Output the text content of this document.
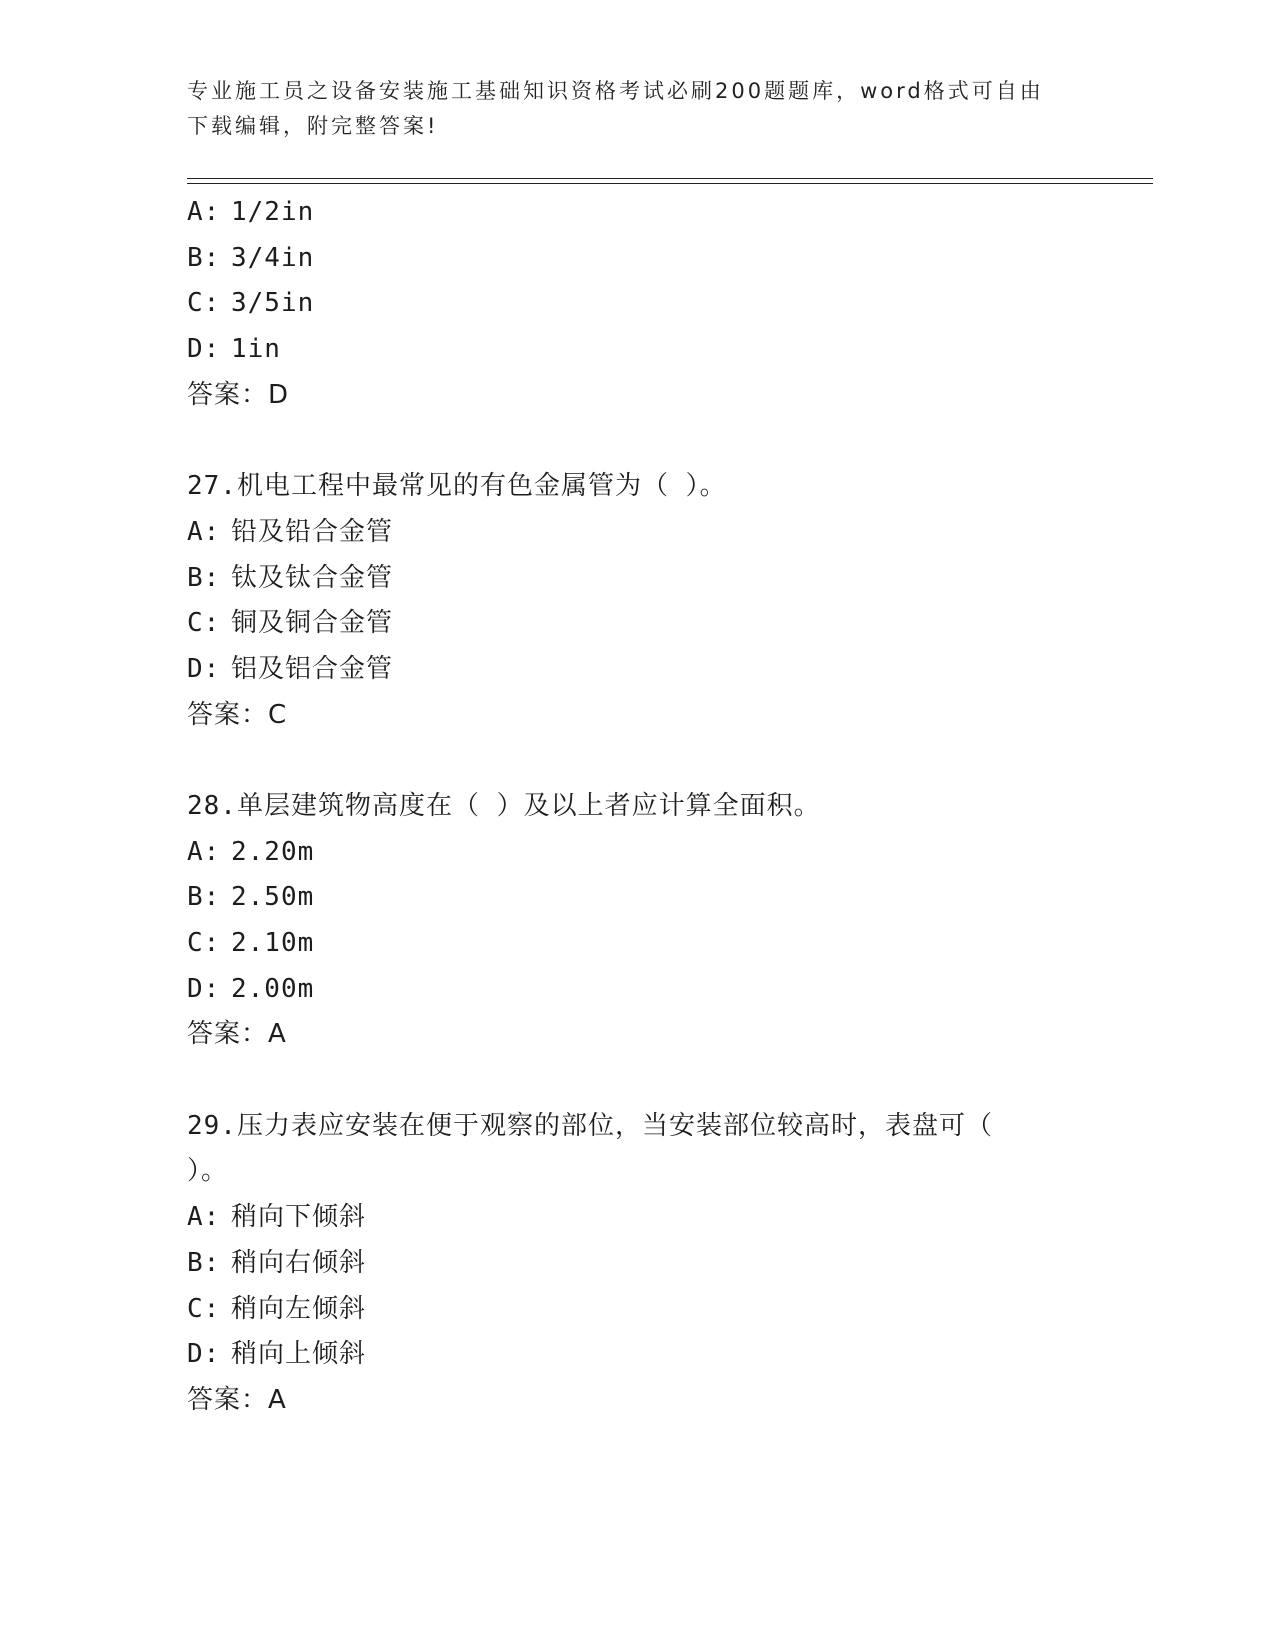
专业施工员之设备安装施工基础知识资格考试必刷200题题库，word格式可自由
下载编辑，附完整答案!
A: 1/2in
B: 3/4in
C: 3/5in
D: 1in
答案：D
27.机电工程中最常见的有色金属管为（ ）。
A: 铅及铅合金管
B: 钛及钛合金管
C: 铜及铜合金管
D: 铝及铝合金管
答案：C
28.单层建筑物高度在（ ）及以上者应计算全面积。
A: 2.20m
B: 2.50m
C: 2.10m
D: 2.00m
答案：A
29.压力表应安装在便于观察的部位，当安装部位较高时，表盘可（
）。
A: 稍向下倾斜
B: 稍向右倾斜
C: 稍向左倾斜
D: 稍向上倾斜
答案：A
